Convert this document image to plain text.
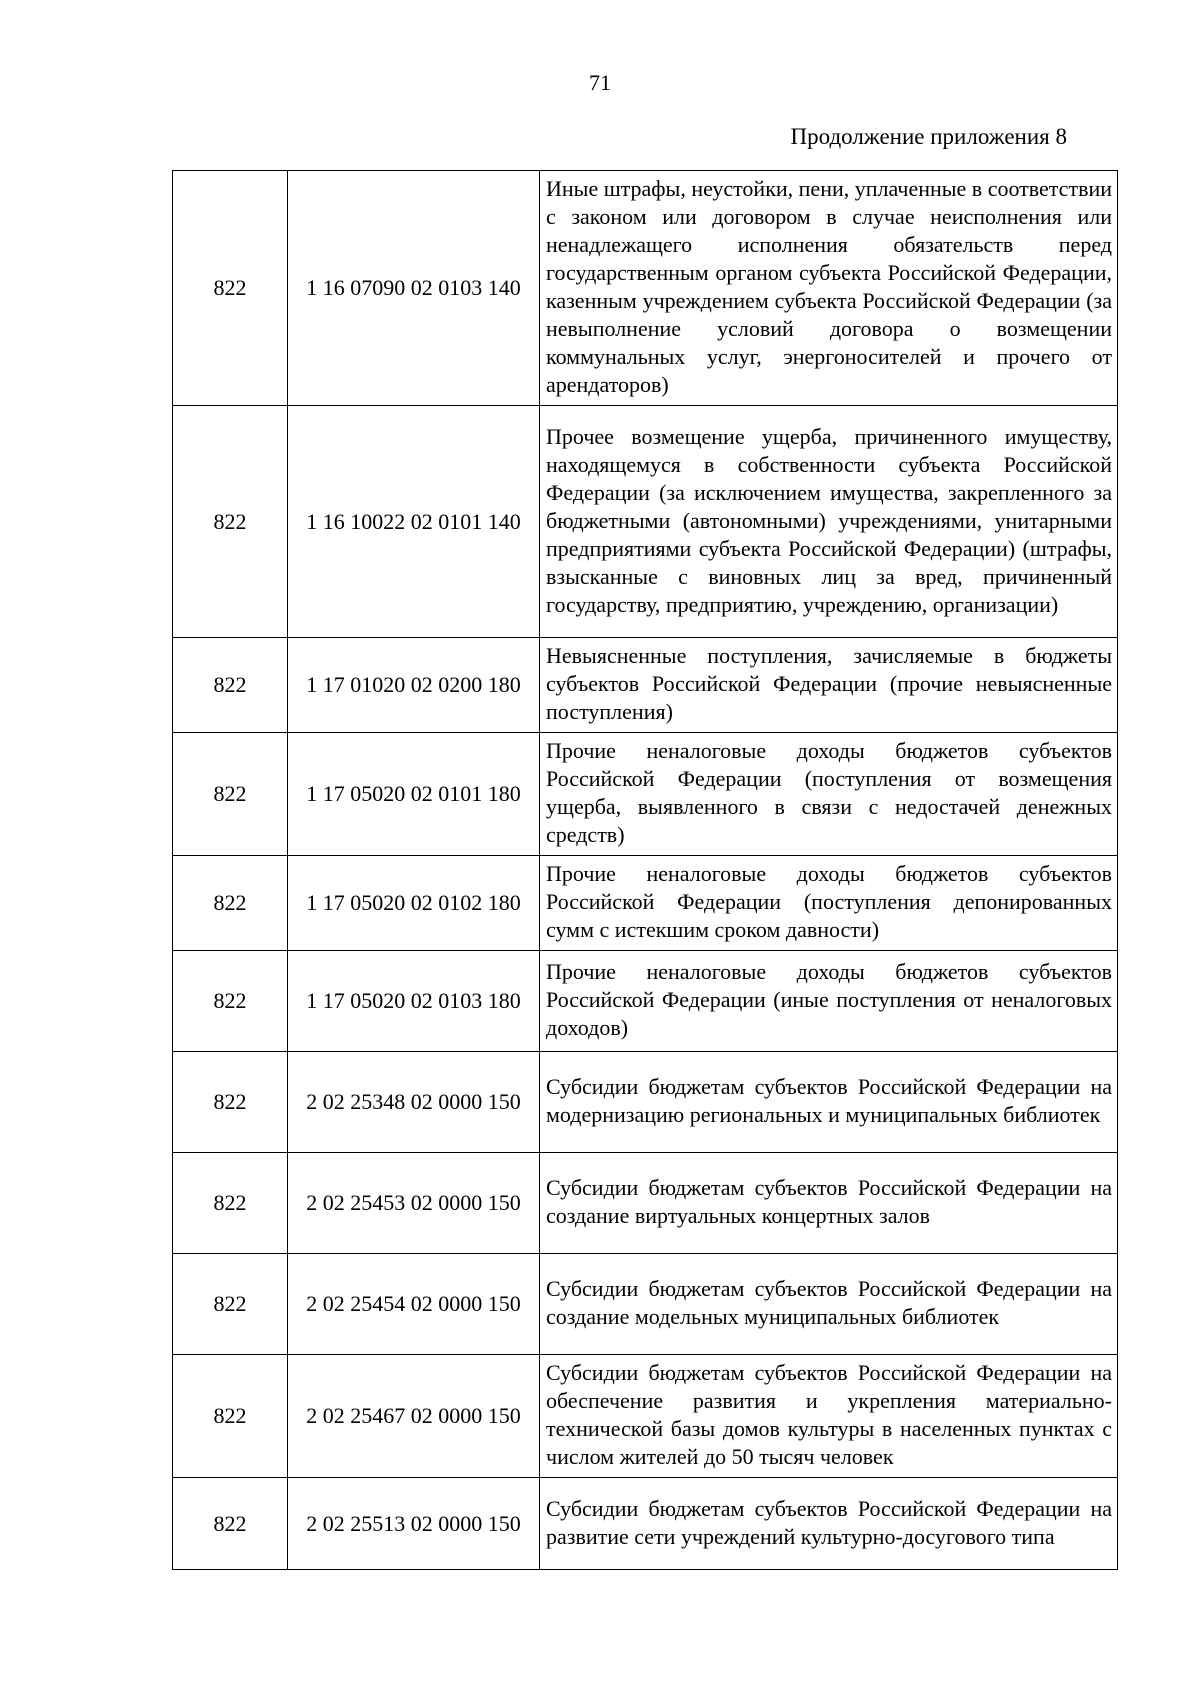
71
Продолжение приложения 8
822	1 16 07090 02 0103 140	Иные штрафы, неустойки, пени, уплаченные в соответствии с законом или договором в случае неисполнения или ненадлежащего исполнения обязательств перед государственным органом субъекта Российской Федерации, казенным учреждением субъекта Российской Федерации (за невыполнение условий договора о возмещении коммунальных услуг, энергоносителей и прочего от арендаторов)
822	1 16 10022 02 0101 140	Прочее возмещение ущерба, причиненного имуществу, находящемуся в собственности субъекта Российской Федерации (за исключением имущества, закрепленного за бюджетными (автономными) учреждениями, унитарными предприятиями субъекта Российской Федерации) (штрафы, взысканные с виновных лиц за вред, причиненный государству, предприятию, учреждению, организации)
822	1 17 01020 02 0200 180	Невыясненные поступления, зачисляемые в бюджеты субъектов Российской Федерации (прочие невыясненные поступления)
822	1 17 05020 02 0101 180	Прочие неналоговые доходы бюджетов субъектов Российской Федерации (поступления от возмещения ущерба, выявленного в связи с недостачей денежных средств)
822	1 17 05020 02 0102 180	Прочие неналоговые доходы бюджетов субъектов Российской Федерации (поступления депонированных сумм с истекшим сроком давности)
822	1 17 05020 02 0103 180	Прочие неналоговые доходы бюджетов субъектов Российской Федерации (иные поступления от неналоговых доходов)
822	2 02 25348 02 0000 150	Субсидии бюджетам субъектов Российской Федерации на модернизацию региональных и муниципальных библиотек
822	2 02 25453 02 0000 150	Субсидии бюджетам субъектов Российской Федерации на создание виртуальных концертных залов
822	2 02 25454 02 0000 150	Субсидии бюджетам субъектов Российской Федерации на создание модельных муниципальных библиотек
822	2 02 25467 02 0000 150	Субсидии бюджетам субъектов Российской Федерации на обеспечение развития и укрепления материально-технической базы домов культуры в населенных пунктах с числом жителей до 50 тысяч человек
822	2 02 25513 02 0000 150	Субсидии бюджетам субъектов Российской Федерации на развитие сети учреждений культурно-досугового типа
